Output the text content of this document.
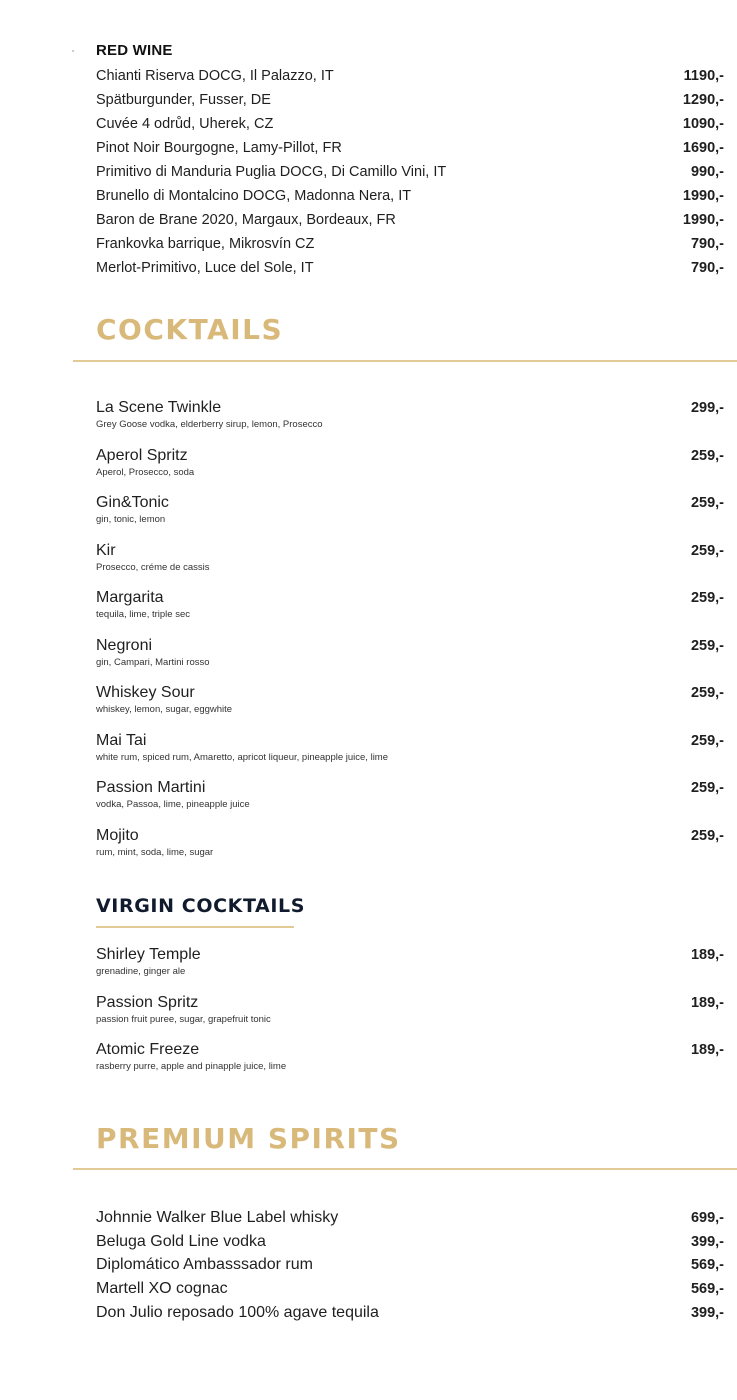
RED WINE
Chianti Riserva DOCG, Il Palazzo, IT	1190,-
Spätburgunder, Fusser, DE	1290,-
Cuvée 4 odrůd, Uherek, CZ	1090,-
Pinot Noir Bourgogne, Lamy-Pillot, FR	1690,-
Primitivo di Manduria Puglia DOCG, Di Camillo Vini, IT	990,-
Brunello di Montalcino DOCG, Madonna Nera, IT	1990,-
Baron de Brane 2020, Margaux, Bordeaux, FR	1990,-
Frankovka barrique, Mikrosvín CZ	790,-
Merlot-Primitivo, Luce del Sole, IT	790,-
COCKTAILS
La Scene Twinkle
Grey Goose vodka, elderberry sirup, lemon, Prosecco
299,-
Aperol Spritz
Aperol, Prosecco, soda
259,-
Gin&Tonic
gin, tonic, lemon
259,-
Kir
Prosecco, créme de cassis
259,-
Margarita
tequila, lime, triple sec
259,-
Negroni
gin, Campari, Martini rosso
259,-
Whiskey Sour
whiskey, lemon, sugar, eggwhite
259,-
Mai Tai
white rum, spiced rum, Amaretto, apricot liqueur, pineapple juice, lime
259,-
Passion Martini
vodka, Passoa, lime, pineapple juice
259,-
Mojito
rum, mint, soda, lime, sugar
259,-
VIRGIN COCKTAILS
Shirley Temple
grenadine, ginger ale
189,-
Passion Spritz
passion fruit puree, sugar, grapefruit tonic
189,-
Atomic Freeze
rasberry purre, apple and pinapple juice, lime
189,-
PREMIUM SPIRITS
Johnnie Walker Blue Label whisky	699,-
Beluga Gold Line vodka	399,-
Diplomático Ambasssador rum	569,-
Martell XO cognac	569,-
Don Julio reposado 100% agave tequila	399,-
